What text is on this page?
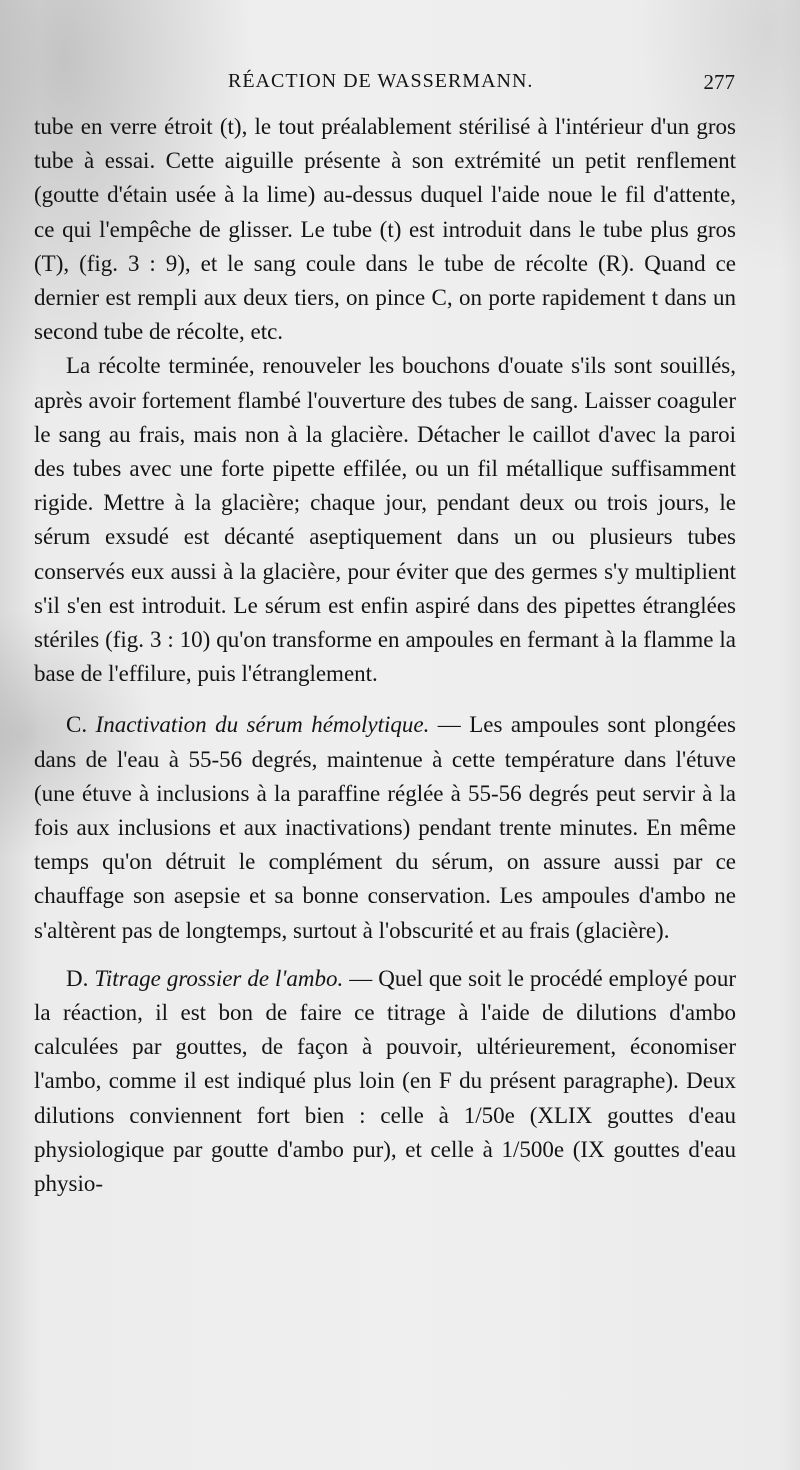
RÉACTION DE WASSERMANN.	277

tube en verre étroit (t), le tout préalablement stérilisé à l'intérieur d'un gros tube à essai. Cette aiguille présente à son extrémité un petit renflement (goutte d'étain usée à la lime) au-dessus duquel l'aide noue le fil d'attente, ce qui l'empêche de glisser. Le tube (t) est introduit dans le tube plus gros (T), (fig. 3 : 9), et le sang coule dans le tube de récolte (R). Quand ce dernier est rempli aux deux tiers, on pince C, on porte rapidement t dans un second tube de récolte, etc.

La récolte terminée, renouveler les bouchons d'ouate s'ils sont souillés, après avoir fortement flambé l'ouverture des tubes de sang. Laisser coaguler le sang au frais, mais non à la glacière. Détacher le caillot d'avec la paroi des tubes avec une forte pipette effilée, ou un fil métallique suffisamment rigide. Mettre à la glacière; chaque jour, pendant deux ou trois jours, le sérum exsudé est décanté aseptiquement dans un ou plusieurs tubes conservés eux aussi à la glacière, pour éviter que des germes s'y multiplient s'il s'en est introduit. Le sérum est enfin aspiré dans des pipettes étranglées stériles (fig. 3 : 10) qu'on transforme en ampoules en fermant à la flamme la base de l'effilure, puis l'étranglement.

C. Inactivation du sérum hémolytique. — Les ampoules sont plongées dans de l'eau à 55-56 degrés, maintenue à cette température dans l'étuve (une étuve à inclusions à la paraffine réglée à 55-56 degrés peut servir à la fois aux inclusions et aux inactivations) pendant trente minutes. En même temps qu'on détruit le complément du sérum, on assure aussi par ce chauffage son asepsie et sa bonne conservation. Les ampoules d'ambo ne s'altèrent pas de longtemps, surtout à l'obscurité et au frais (glacière).

D. Titrage grossier de l'ambo. — Quel que soit le procédé employé pour la réaction, il est bon de faire ce titrage à l'aide de dilutions d'ambo calculées par gouttes, de façon à pouvoir, ultérieurement, économiser l'ambo, comme il est indiqué plus loin (en F du présent paragraphe). Deux dilutions conviennent fort bien : celle à 1/50e (XLIX gouttes d'eau physiologique par goutte d'ambo pur), et celle à 1/500e (IX gouttes d'eau physio-
